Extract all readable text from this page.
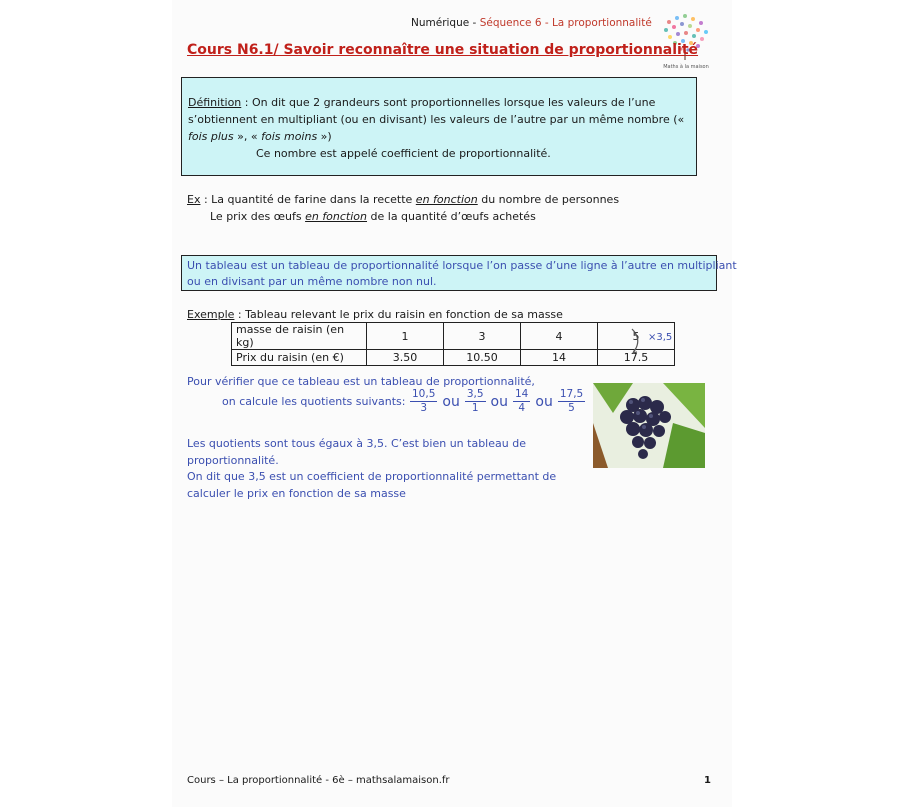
Numérique - Séquence 6 - La proportionnalité
Maths à la maison
Cours N6.1/ Savoir reconnaître une situation de proportionnalité
Définition : On dit que 2 grandeurs sont proportionnelles lorsque les valeurs de l’une
s’obtiennent en multipliant (ou en divisant) les valeurs de l’autre par un même nombre (« fois plus », « fois moins »)
Ce nombre est appelé coefficient de proportionnalité.
Ex : La quantité de farine dans la recette en fonction du nombre de personnes
Le prix des œufs en fonction de la quantité d’œufs achetés
Un tableau est un tableau de proportionnalité lorsque l’on passe d’une ligne à l’autre en multipliant
ou en divisant par un même nombre non nul.
Exemple : Tableau relevant le prix du raisin en fonction de sa masse
masse de raisin (en kg)	1	3	4	5
Prix du raisin (en €)	3.50	10.50	14	17.5
×3,5
Pour vérifier que ce tableau est un tableau de proportionnalité,
on calcule les quotients suivants: $\frac{10,5}{3}$ ou $\frac{3,5}{1}$ ou $\frac{14}{4}$ ou $\frac{17,5}{5}$
Les quotients sont tous égaux à 3,5. C’est bien un tableau de
proportionnalité.
On dit que 3,5 est un coefficient de proportionnalité permettant de
calculer le prix en fonction de sa masse
Cours – La proportionnalité - 6è – mathsalamaison.fr	1
